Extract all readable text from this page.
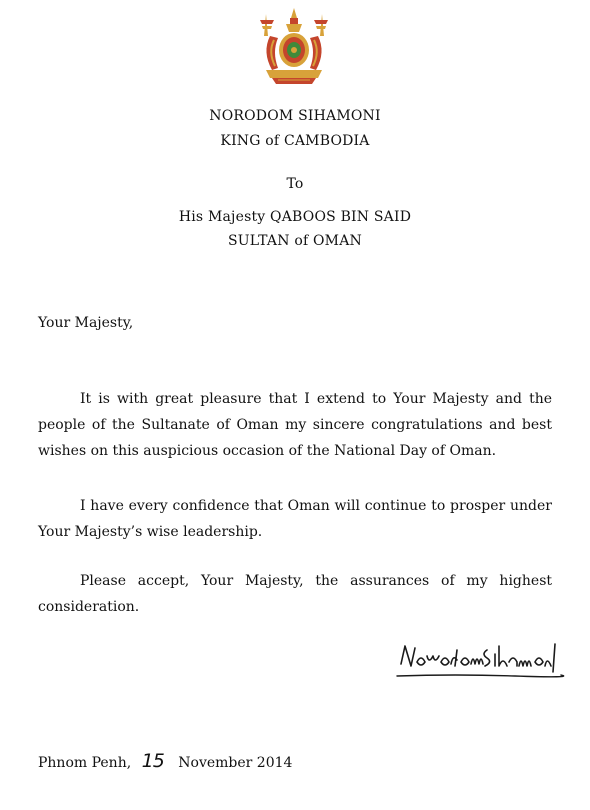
NORODOM SIHAMONI
KING of CAMBODIA
To
His Majesty QABOOS BIN SAID
SULTAN of OMAN
Your Majesty,
It is with great pleasure that I extend to Your Majesty and the people of the Sultanate of Oman my sincere congratulations and best wishes on this auspicious occasion of the National Day of Oman.
I have every confidence that Oman will continue to prosper under Your Majesty’s wise leadership.
Please accept, Your Majesty, the assurances of my highest consideration.
Phnom Penh, 15 November 2014
